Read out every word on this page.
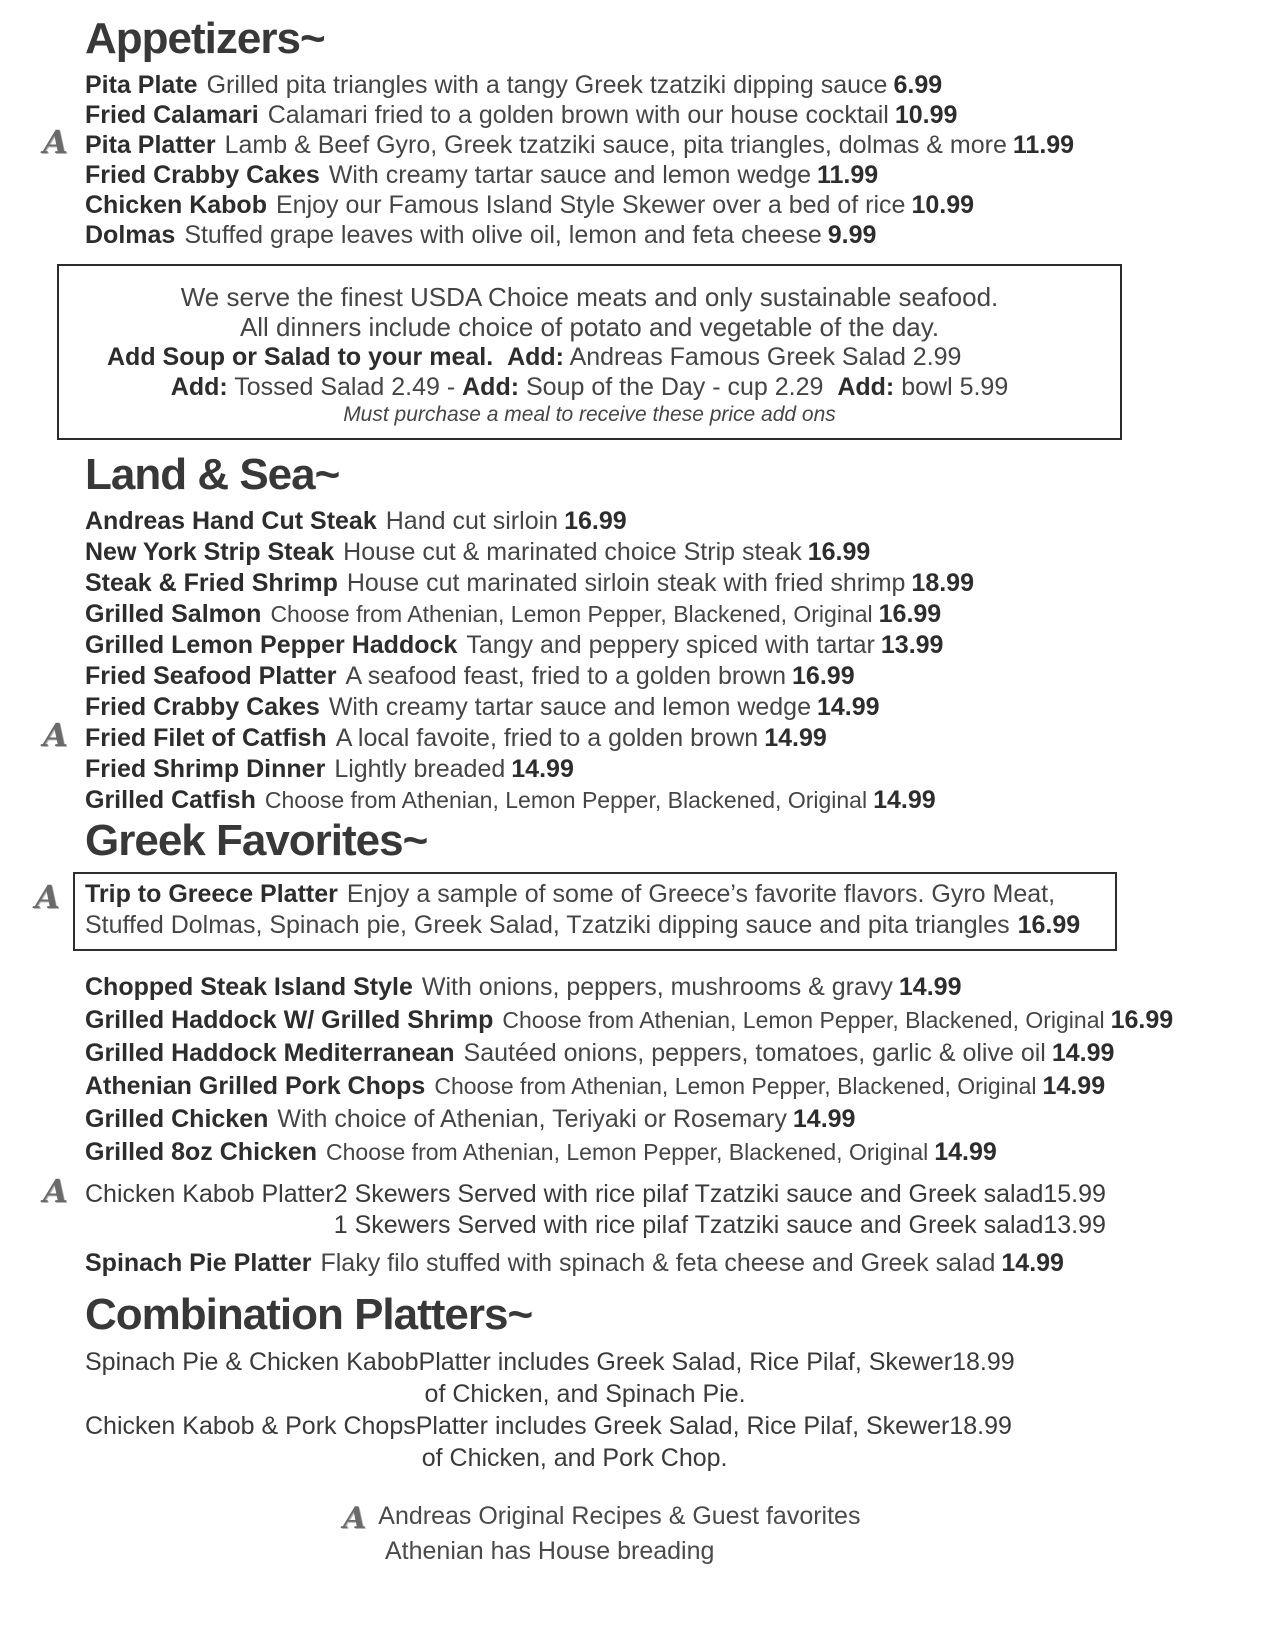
Appetizers~

Pita Plate Grilled pita triangles with a tangy Greek tzatziki dipping sauce 6.99

Fried Calamari Calamari fried to a golden brown with our house cocktail 10.99

A Pita Platter Lamb & Beef Gyro, Greek tzatziki sauce, pita triangles, dolmas & more 11.99

Fried Crabby Cakes With creamy tartar sauce and lemon wedge 11.99

Chicken Kabob Enjoy our Famous Island Style Skewer over a bed of rice 10.99

Dolmas Stuffed grape leaves with olive oil, lemon and feta cheese 9.99

We serve the finest USDA Choice meats and only sustainable seafood.

All dinners include choice of potato and vegetable of the day.

Add Soup or Salad to your meal. Add: Andreas Famous Greek Salad 2.99

Add: Tossed Salad 2.49 - Add: Soup of the Day - cup 2.29 Add: bowl 5.99

Must purchase a meal to receive these price add ons

Land & Sea~

Andreas Hand Cut Steak Hand cut sirloin 16.99

New York Strip Steak House cut & marinated choice Strip steak 16.99

Steak & Fried Shrimp House cut marinated sirloin steak with fried shrimp 18.99

Grilled Salmon Choose from Athenian, Lemon Pepper, Blackened, Original 16.99

Grilled Lemon Pepper Haddock Tangy and peppery spiced with tartar 13.99

Fried Seafood Platter A seafood feast, fried to a golden brown 16.99

Fried Crabby Cakes With creamy tartar sauce and lemon wedge 14.99

A Fried Filet of Catfish A local favoite, fried to a golden brown 14.99

Fried Shrimp Dinner Lightly breaded 14.99

Grilled Catfish Choose from Athenian, Lemon Pepper, Blackened, Original 14.99

Greek Favorites~
A Trip to Greece Platter Enjoy a sample of some of Greece’s favorite flavors. Gyro Meat, Stuffed Dolmas, Spinach pie, Greek Salad, Tzatziki dipping sauce and pita triangles 16.99

Chopped Steak Island Style With onions, peppers, mushrooms & gravy 14.99

Grilled Haddock W/ Grilled Shrimp Choose from Athenian, Lemon Pepper, Blackened, Original 16.99

Grilled Haddock Mediterranean Sautéed onions, peppers, tomatoes, garlic & olive oil 14.99

Athenian Grilled Pork Chops Choose from Athenian, Lemon Pepper, Blackened, Original 14.99

Grilled Chicken With choice of Athenian, Teriyaki or Rosemary 14.99

Grilled 8oz Chicken Choose from Athenian, Lemon Pepper, Blackened, Original 14.99

A Chicken Kabob Platter 2 Skewers Served with rice pilaf Tzatziki sauce and Greek salad15.99
1 Skewers Served with rice pilaf Tzatziki sauce and Greek salad13.99

Spinach Pie Platter Flaky filo stuffed with spinach & feta cheese and Greek salad 14.99

Combination Platters~
Spinach Pie & Chicken Kabob Platter includes Greek Salad, Rice Pilaf, Skewer18.99
of Chicken, and Spinach Pie.
Chicken Kabob & Pork Chops Platter includes Greek Salad, Rice Pilaf, Skewer18.99
of Chicken, and Pork Chop.
A Andreas Original Recipes & Guest favorites
Athenian has House breading
